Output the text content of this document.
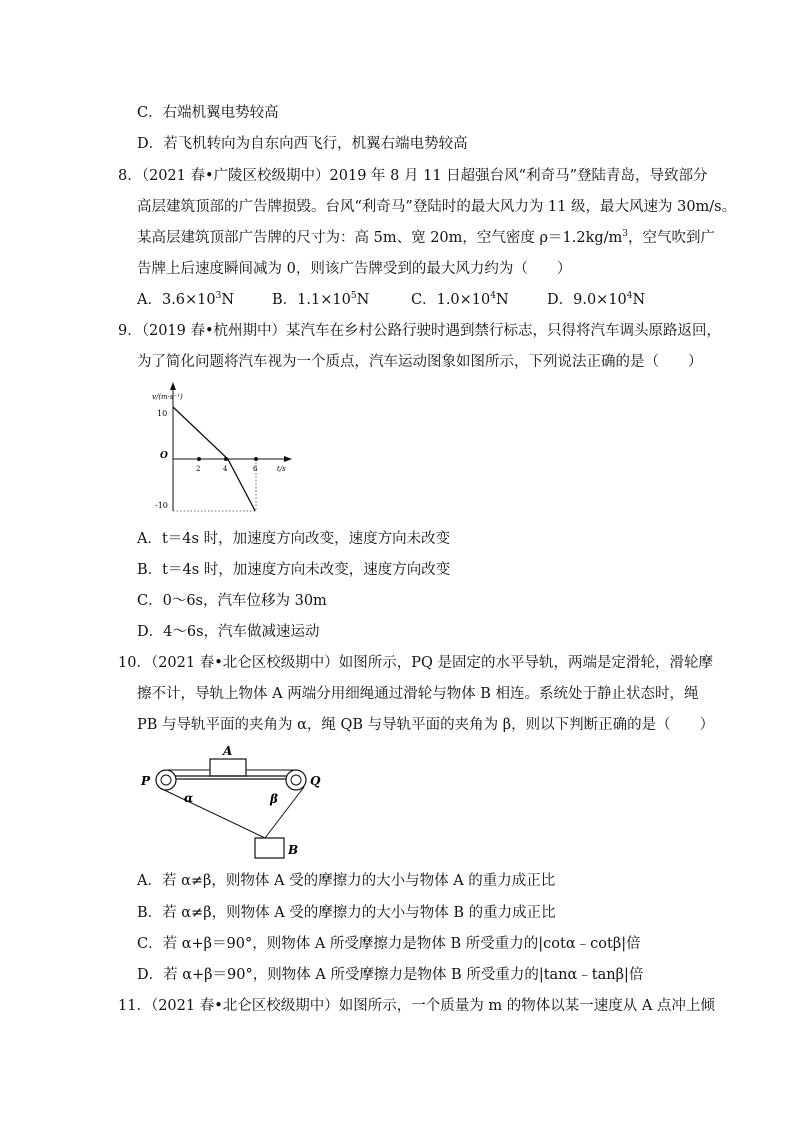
C．右端机翼电势较高
D．若飞机转向为自东向西飞行，机翼右端电势较高
8．（2021 春•广陵区校级期中）2019 年 8 月 11 日超强台风“利奇马”登陆青岛，导致部分
高层建筑顶部的广告牌损毁。台风“利奇马”登陆时的最大风力为 11 级，最大风速为 30m/s。
某高层建筑顶部广告牌的尺寸为：高 5m、宽 20m，空气密度 $\rho=1.2kg/m^3$，空气吹到广
告牌上后速度瞬间减为 0，则该广告牌受到的最大风力约为（　　）
A．$3.6\times 10^3N$	B．$1.1\times 10^5N$	C．$1.0\times 10^4N$	D．$9.0\times 10^4N$
9．（2019 春•杭州期中）某汽车在乡村公路行驶时遇到禁行标志，只得将汽车调头原路返回，
为了简化问题将汽车视为一个质点，汽车运动图象如图所示，下列说法正确的是（　　）
v/(m·s⁻¹)
10
O
-10
2	4	6	t/s
A．t＝4s 时，加速度方向改变，速度方向未改变
B．t＝4s 时，加速度方向未改变，速度方向改变
C．0～6s，汽车位移为 30m
D．4～6s，汽车做减速运动
10．（2021 春•北仑区校级期中）如图所示，PQ 是固定的水平导轨，两端是定滑轮，滑轮摩
擦不计，导轨上物体 A 两端分用细绳通过滑轮与物体 B 相连。系统处于静止状态时，绳
PB 与导轨平面的夹角为 α，绳 QB 与导轨平面的夹角为 β，则以下判断正确的是（　　）
A
B
P	Q
α	β
A．若 α≠β，则物体 A 受的摩擦力的大小与物体 A 的重力成正比
B．若 α≠β，则物体 A 受的摩擦力的大小与物体 B 的重力成正比
C．若 α+β＝90°，则物体 A 所受摩擦力是物体 B 所受重力的|cotα﹣cotβ|倍
D．若 α+β＝90°，则物体 A 所受摩擦力是物体 B 所受重力的|tanα﹣tanβ|倍
11．（2021 春•北仑区校级期中）如图所示，一个质量为 m 的物体以某一速度从 A 点冲上倾
